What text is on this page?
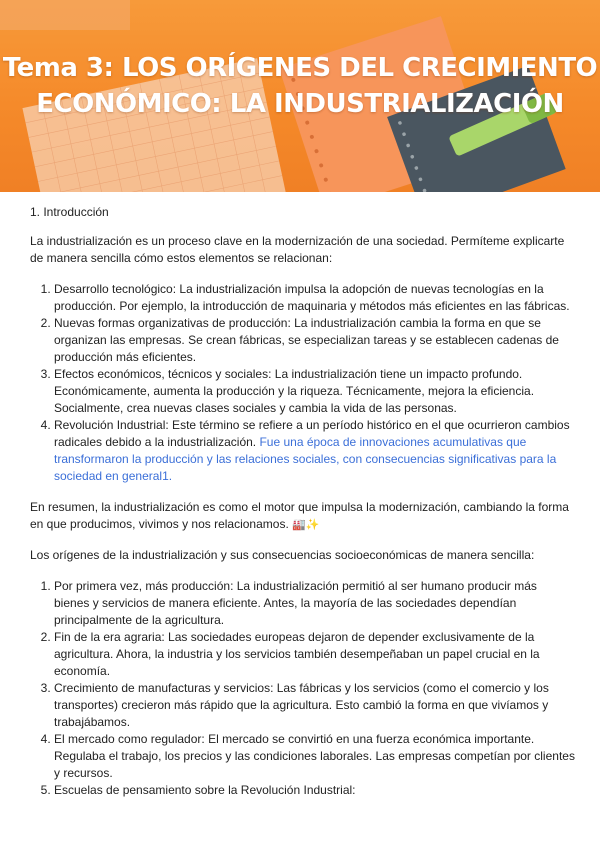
Tema 3: LOS ORÍGENES DEL CRECIMIENTO
ECONÓMICO: LA INDUSTRIALIZACIÓN
1. Introducción

La industrialización es un proceso clave en la modernización de una sociedad. Permíteme explicarte de manera sencilla cómo estos elementos se relacionan:

1. Desarrollo tecnológico: La industrialización impulsa la adopción de nuevas tecnologías en la producción. Por ejemplo, la introducción de maquinaria y métodos más eficientes en las fábricas.
2. Nuevas formas organizativas de producción: La industrialización cambia la forma en que se organizan las empresas. Se crean fábricas, se especializan tareas y se establecen cadenas de producción más eficientes.
3. Efectos económicos, técnicos y sociales: La industrialización tiene un impacto profundo. Económicamente, aumenta la producción y la riqueza. Técnicamente, mejora la eficiencia. Socialmente, crea nuevas clases sociales y cambia la vida de las personas.
4. Revolución Industrial: Este término se refiere a un período histórico en el que ocurrieron cambios radicales debido a la industrialización. Fue una época de innovaciones acumulativas que transformaron la producción y las relaciones sociales, con consecuencias significativas para la sociedad en general1.

En resumen, la industrialización es como el motor que impulsa la modernización, cambiando la forma en que producimos, vivimos y nos relacionamos. 🏭✨

Los orígenes de la industrialización y sus consecuencias socioeconómicas de manera sencilla:

1. Por primera vez, más producción: La industrialización permitió al ser humano producir más bienes y servicios de manera eficiente. Antes, la mayoría de las sociedades dependían principalmente de la agricultura.
2. Fin de la era agraria: Las sociedades europeas dejaron de depender exclusivamente de la agricultura. Ahora, la industria y los servicios también desempeñaban un papel crucial en la economía.
3. Crecimiento de manufacturas y servicios: Las fábricas y los servicios (como el comercio y los transportes) crecieron más rápido que la agricultura. Esto cambió la forma en que vivíamos y trabajábamos.
4. El mercado como regulador: El mercado se convirtió en una fuerza económica importante. Regulaba el trabajo, los precios y las condiciones laborales. Las empresas competían por clientes y recursos.
5. Escuelas de pensamiento sobre la Revolución Industrial:
